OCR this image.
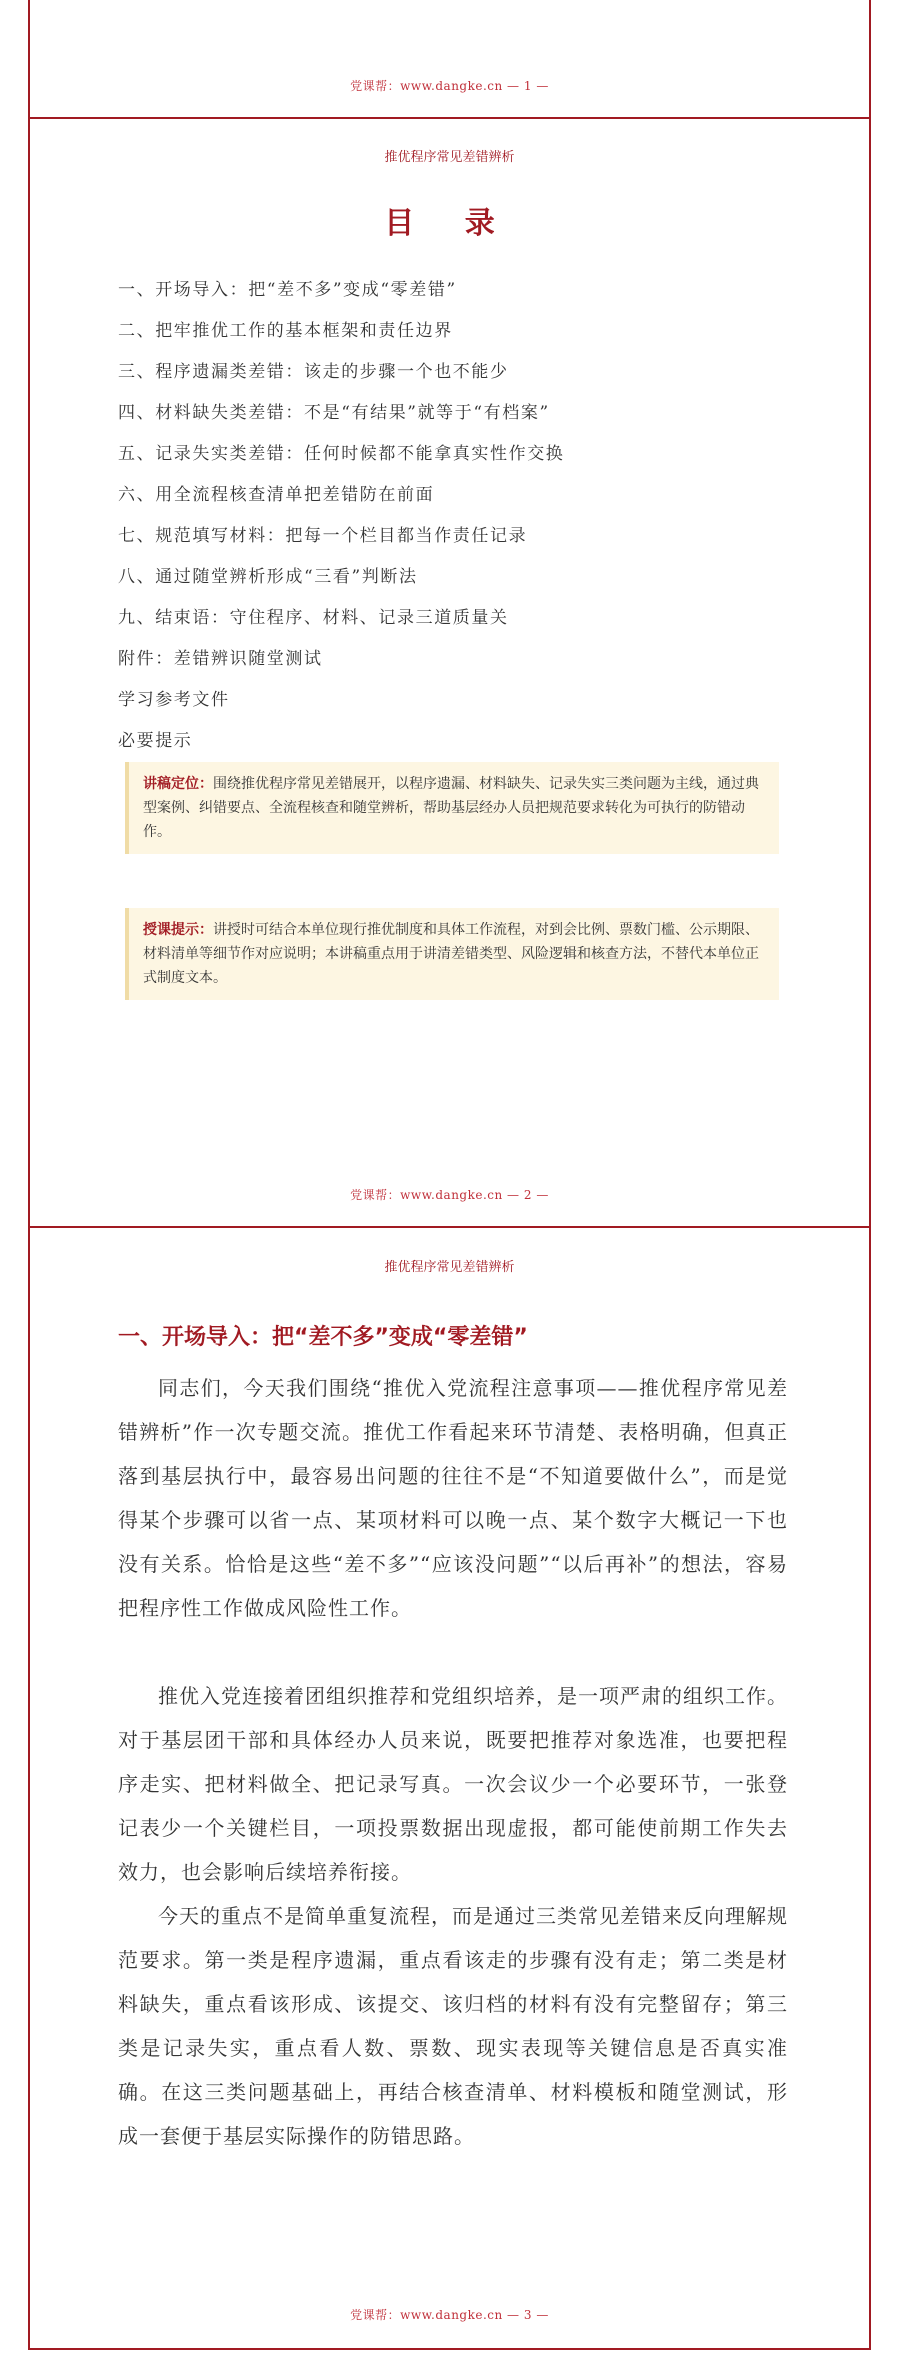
党课帮：www.dangke.cn — 1 —
推优程序常见差错辨析
目 录
一、开场导入：把“差不多”变成“零差错”
二、把牢推优工作的基本框架和责任边界
三、程序遗漏类差错：该走的步骤一个也不能少
四、材料缺失类差错：不是“有结果”就等于“有档案”
五、记录失实类差错：任何时候都不能拿真实性作交换
六、用全流程核查清单把差错防在前面
七、规范填写材料：把每一个栏目都当作责任记录
八、通过随堂辨析形成“三看”判断法
九、结束语：守住程序、材料、记录三道质量关
附件：差错辨识随堂测试
学习参考文件
必要提示
讲稿定位：围绕推优程序常见差错展开，以程序遗漏、材料缺失、记录失实三类问题为主线，通过典型案例、纠错要点、全流程核查和随堂辨析，帮助基层经办人员把规范要求转化为可执行的防错动作。
授课提示：讲授时可结合本单位现行推优制度和具体工作流程，对到会比例、票数门槛、公示期限、材料清单等细节作对应说明；本讲稿重点用于讲清差错类型、风险逻辑和核查方法，不替代本单位正式制度文本。
党课帮：www.dangke.cn — 2 —
推优程序常见差错辨析
一、开场导入：把“差不多”变成“零差错”

同志们，今天我们围绕“推优入党流程注意事项——推优程序常见差错辨析”作一次专题交流。推优工作看起来环节清楚、表格明确，但真正落到基层执行中，最容易出问题的往往不是“不知道要做什么”，而是觉得某个步骤可以省一点、某项材料可以晚一点、某个数字大概记一下也没有关系。恰恰是这些“差不多”“应该没问题”“以后再补”的想法，容易把程序性工作做成风险性工作。

推优入党连接着团组织推荐和党组织培养，是一项严肃的组织工作。对于基层团干部和具体经办人员来说，既要把推荐对象选准，也要把程序走实、把材料做全、把记录写真。一次会议少一个必要环节，一张登记表少一个关键栏目，一项投票数据出现虚报，都可能使前期工作失去效力，也会影响后续培养衔接。

今天的重点不是简单重复流程，而是通过三类常见差错来反向理解规范要求。第一类是程序遗漏，重点看该走的步骤有没有走；第二类是材料缺失，重点看该形成、该提交、该归档的材料有没有完整留存；第三类是记录失实，重点看人数、票数、现实表现等关键信息是否真实准确。在这三类问题基础上，再结合核查清单、材料模板和随堂测试，形成一套便于基层实际操作的防错思路。

党课帮：www.dangke.cn — 3 —
